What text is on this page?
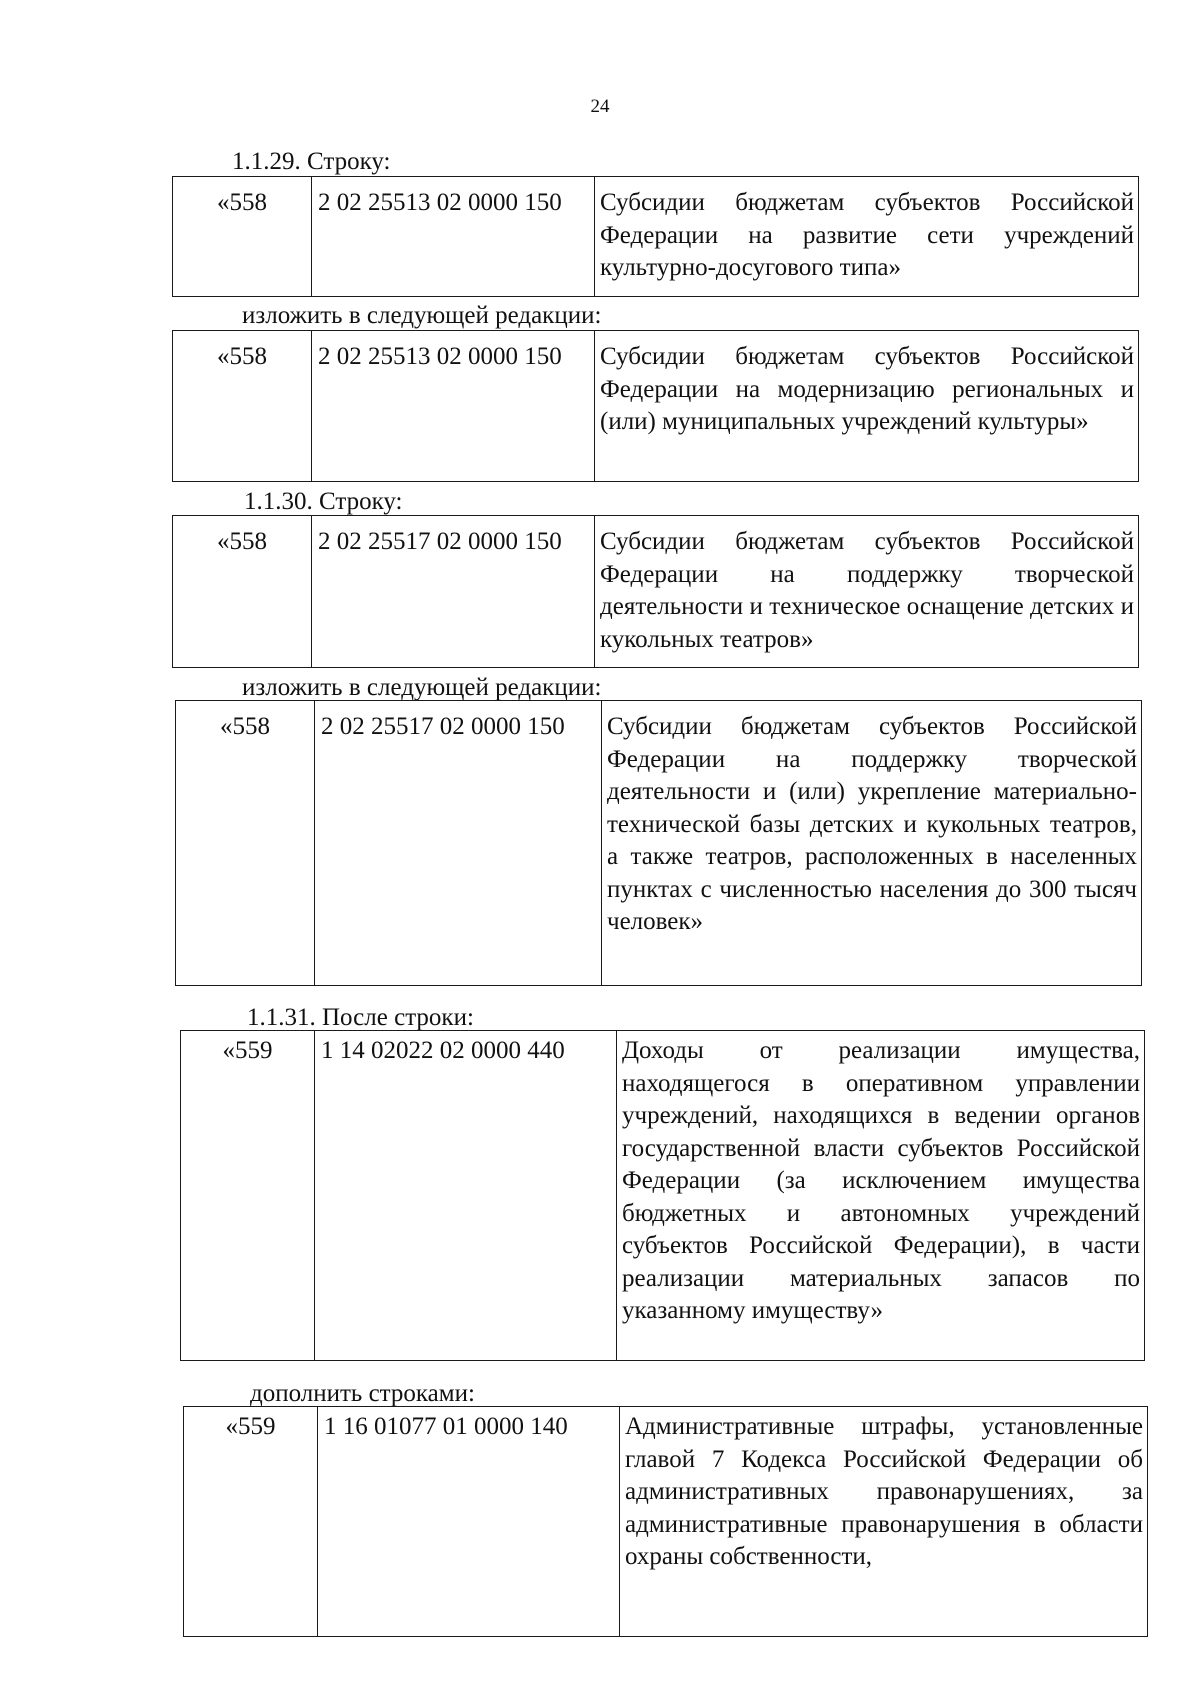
24
1.1.29. Строку:
«558	2 02 25513 02 0000 150	Субсидии бюджетам субъектов Российской Федерации на развитие сети учреждений культурно-досугового типа»
изложить в следующей редакции:
«558	2 02 25513 02 0000 150	Субсидии бюджетам субъектов Российской Федерации на модернизацию региональных и (или) муниципальных учреждений культуры»
1.1.30. Строку:
«558	2 02 25517 02 0000 150	Субсидии бюджетам субъектов Российской Федерации на поддержку творческой деятельности и техническое оснащение детских и кукольных театров»
изложить в следующей редакции:
«558	2 02 25517 02 0000 150	Субсидии бюджетам субъектов Российской Федерации на поддержку творческой деятельности и (или) укрепление материально-технической базы детских и кукольных театров, а также театров, расположенных в населенных пунктах с численностью населения до 300 тысяч человек»
1.1.31. После строки:
«559	1 14 02022 02 0000 440	Доходы от реализации имущества, находящегося в оперативном управлении учреждений, находящихся в ведении органов государственной власти субъектов Российской Федерации (за исключением имущества бюджетных и автономных учреждений субъектов Российской Федерации), в части реализации материальных запасов по указанному имуществу»
дополнить строками:
«559	1 16 01077 01 0000 140	Административные штрафы, установленные главой 7 Кодекса Российской Федерации об административных правонарушениях, за административные правонарушения в области охраны собственности,
